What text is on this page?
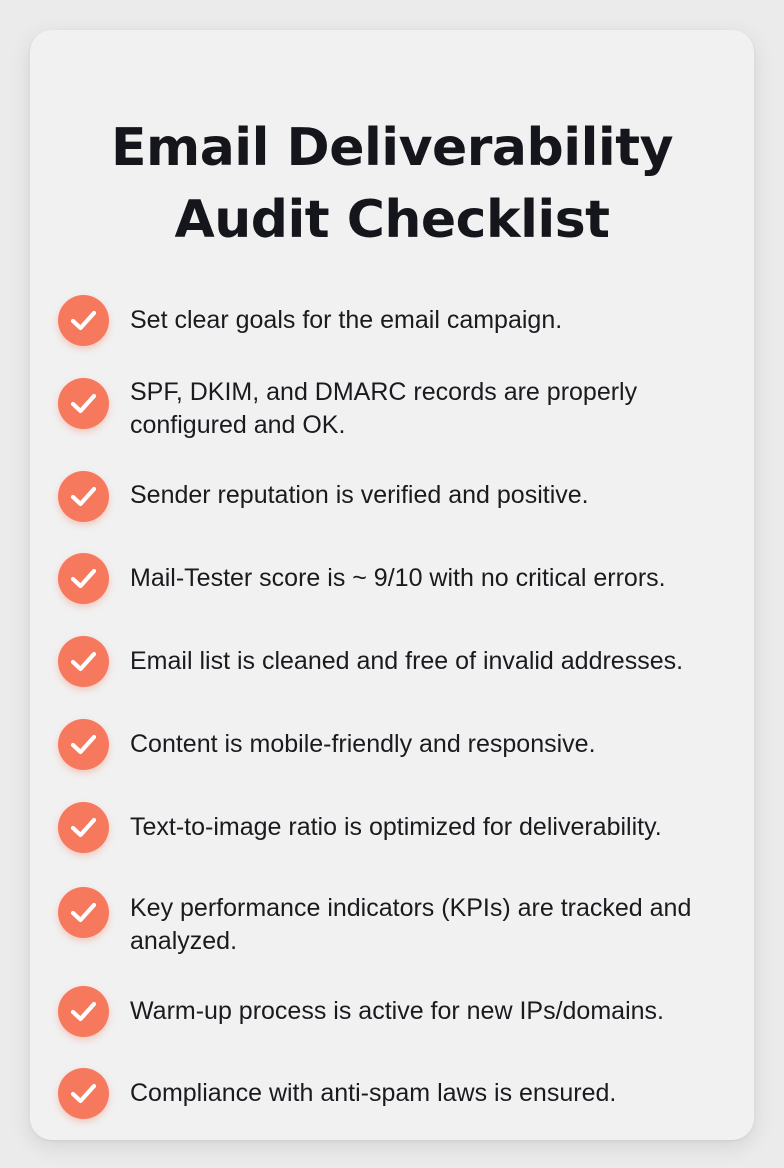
Email Deliverability
Audit Checklist
Set clear goals for the email campaign.
SPF, DKIM, and DMARC records are properly configured and OK.
Sender reputation is verified and positive.
Mail-Tester score is ~ 9/10 with no critical errors.
Email list is cleaned and free of invalid addresses.
Content is mobile-friendly and responsive.
Text-to-image ratio is optimized for deliverability.
Key performance indicators (KPIs) are tracked and analyzed.
Warm-up process is active for new IPs/domains.
Compliance with anti-spam laws is ensured.
